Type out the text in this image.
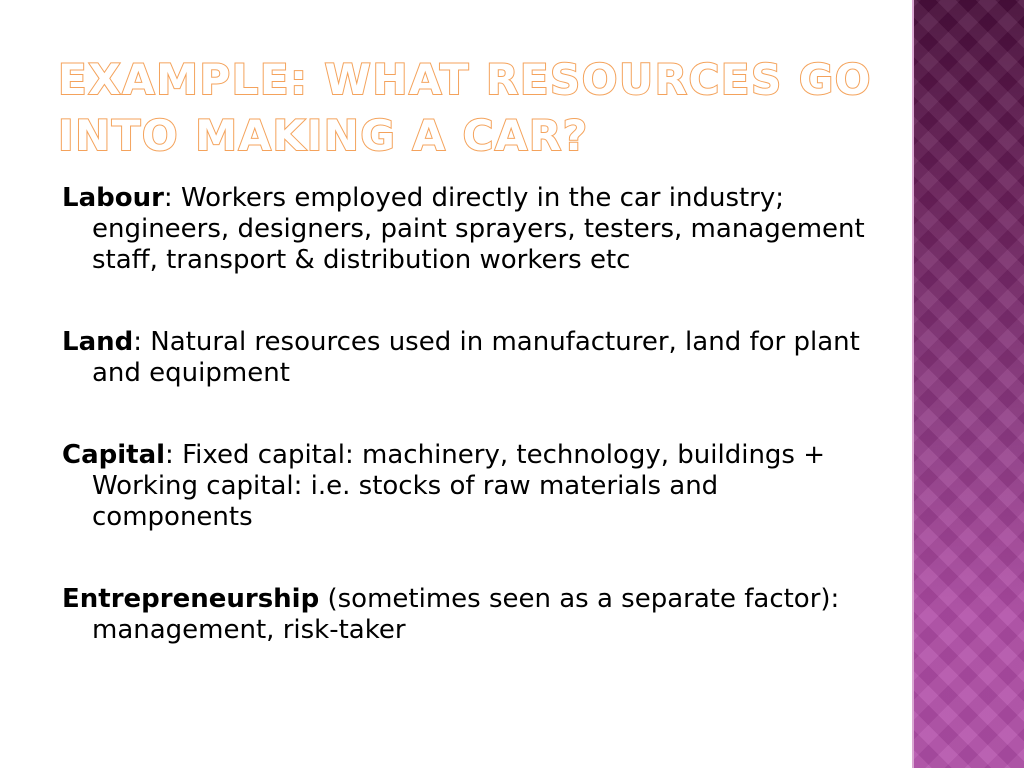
EXAMPLE: WHAT RESOURCES GO INTO MAKING A CAR?

Labour: Workers employed directly in the car industry; engineers, designers, paint sprayers, testers, management staff, transport & distribution workers etc

Land: Natural resources used in manufacturer, land for plant and equipment

Capital: Fixed capital: machinery, technology, buildings + Working capital: i.e. stocks of raw materials and components

Entrepreneurship (sometimes seen as a separate factor): management, risk-taker
